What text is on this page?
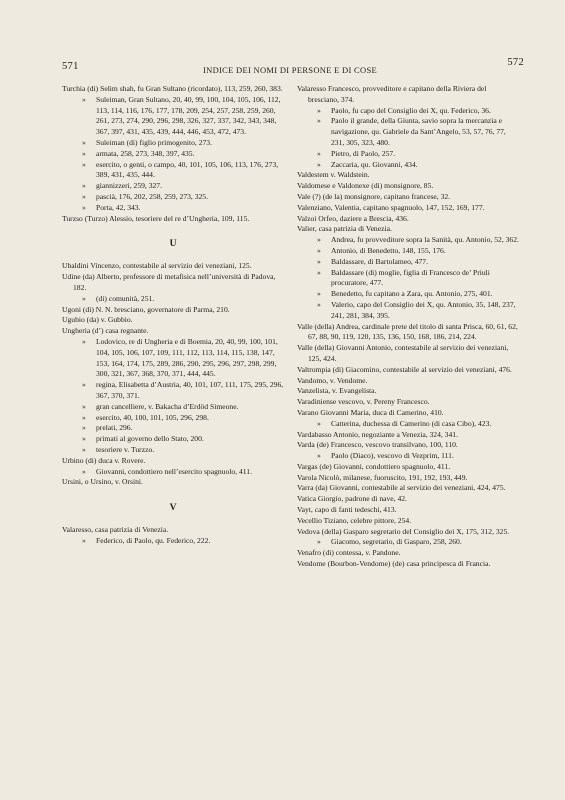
571	INDICE DEI NOMI DI PERSONE E DI COSE
572

Turchia (di) Selim shah, fu Gran Sultano (ricordato), 113, 259, 260, 383.

» Suleiman, Gran Sultano, 20, 40, 99, 100, 104, 105, 106, 112, 113, 114, 116, 176, 177, 178, 209, 254, 257, 258, 259, 260, 261, 273, 274, 290, 296, 298, 326, 327, 337, 342, 343, 348, 367, 397, 431, 435, 439, 444, 446, 453, 472, 473.

» Suleiman (di) figlio primogenito, 273.

» armata, 258, 273, 348, 397, 435.

» esercito, o genti, o campo, 40, 101, 105, 106, 113, 176, 273, 389, 431, 435, 444.

» giannizzeri, 259, 327.

» pascià, 176, 202, 258, 259, 273, 325.

» Porta, 42, 343.

Turzso (Turzo) Alessio, tesoriere del re d’Ungheria, 109, 115.

U

Ubaldini Vincenzo, contestabile al servizio dei veneziani, 125.

Udine (da) Alberto, professore di metafisica nell’università di Padova, 182.

» (di) comunità, 251.

Ugoni (di) N. N. bresciano, governatore di Parma, 210.

Ugubio (da) v. Gubbio.

Ungheria (d’) casa regnante.

» Lodovico, re di Ungheria e di Boemia, 20, 40, 99, 100, 101, 104, 105, 106, 107, 109, 111, 112, 113, 114, 115, 138, 147, 153, 164, 174, 175, 289, 286, 290, 295, 296, 297, 298, 299, 300, 321, 367, 368, 370, 371, 444, 445.

» regina, Elisabetta d’Austria, 40, 101, 107, 111, 175, 295, 296, 367, 370, 371.

» gran cancelliere, v. Bakacha d’Erdöd Simeone.

» esercito, 40, 100, 101, 105, 296, 298.

» prelati, 296.

» primati al governo dello Stato, 200.

» tesoriere v. Turzzo.

Urbino (di) duca v. Rovere.

» Giovanni, condottiero nell’esercito spagnuolo, 411.

Ursini, o Ursino, v. Orsini.

V

Valaresso, casa patrizia di Venezia.

» Federico, di Paolo, qu. Federico, 222.

Valaresso Francesco, provveditore e capitano della Riviera del bresciano, 374.

» Paolo, fu capo del Consiglio dei X, qu. Federico, 36.

» Paolo il grande, della Giunta, savio sopra la mercanzia e navigazione, qu. Gabriele da Sant’Angelo, 53, 57, 76, 77, 231, 305, 323, 480.

» Pietro, di Paolo, 257.

» Zaccaria, qu. Giovanni, 434.

Valdestem v. Waldstein.

Valdomese e Valdonexe (di) monsignore, 85.

Vale (?) (de la) monsignore, capitano francese, 32.

Valenziano, Valentia, capitano spagnuolo, 147, 152, 169, 177.

Valzoi Orfeo, daziere a Brescia, 436.

Valier, casa patrizia di Venezia.

» Andrea, fu provveditore sopra la Sanità, qu. Antonio, 52, 362.

» Antonio, di Benedetto, 148, 155, 176.

» Baldassare, di Bartolameo, 477.

» Baldassare (di) moglie, figlia di Francesco de’ Priuli procuratore, 477.

» Benedetto, fu capitano a Zara, qu. Antonio, 275, 401.

» Valerio, capo del Consiglio dei X, qu. Antonio, 35, 148, 237, 241, 281, 384, 395.

Valle (della) Andrea, cardinale prete del titolo di santa Prisca, 60, 61, 62, 67, 88, 90, 119, 120, 135, 136, 150, 168, 186, 214, 224.

Valle (della) Giovanni Antonio, contestabile al servizio dei veneziani, 125, 424.

Valtrompia (di) Giacomino, contestabile al servizio dei veneziani, 476.

Vandomo, v. Vendome.

Vanzelista, v. Evangelista.

Varadiniense vescovo, v. Pereny Francesco.

Varano Giovanni Maria, duca di Camerino, 410.

» Catterina, duchessa di Camerino (di casa Cibo), 423.

Vardabasso Antonio, negoziante a Venezia, 324, 341.

Varda (de) Francesco, vescovo transilvano, 100, 110.

» Paolo (Diaco), vescovo di Vezprim, 111.

Vargas (de) Giovanni, condottiero spagnuolo, 411.

Varola Nicolò, milanese, fuoruscito, 191, 192, 193, 449.

Varra (da) Giovanni, contestabile al servizio dei veneziani, 424, 475.

Vatica Giorgio, padrone di nave, 42.

Vayt, capo di fanti tedeschi, 413.

Vecellio Tiziano, celebre pittore, 254.

Vedova (della) Gasparo segretario del Consiglio dei X, 175, 312, 325.

» Giacomo, segretario, di Gasparo, 258, 260.

Venafro (di) contessa, v. Pandone.

Vendome (Bourbon-Vendome) (de) casa principesca di Francia.
